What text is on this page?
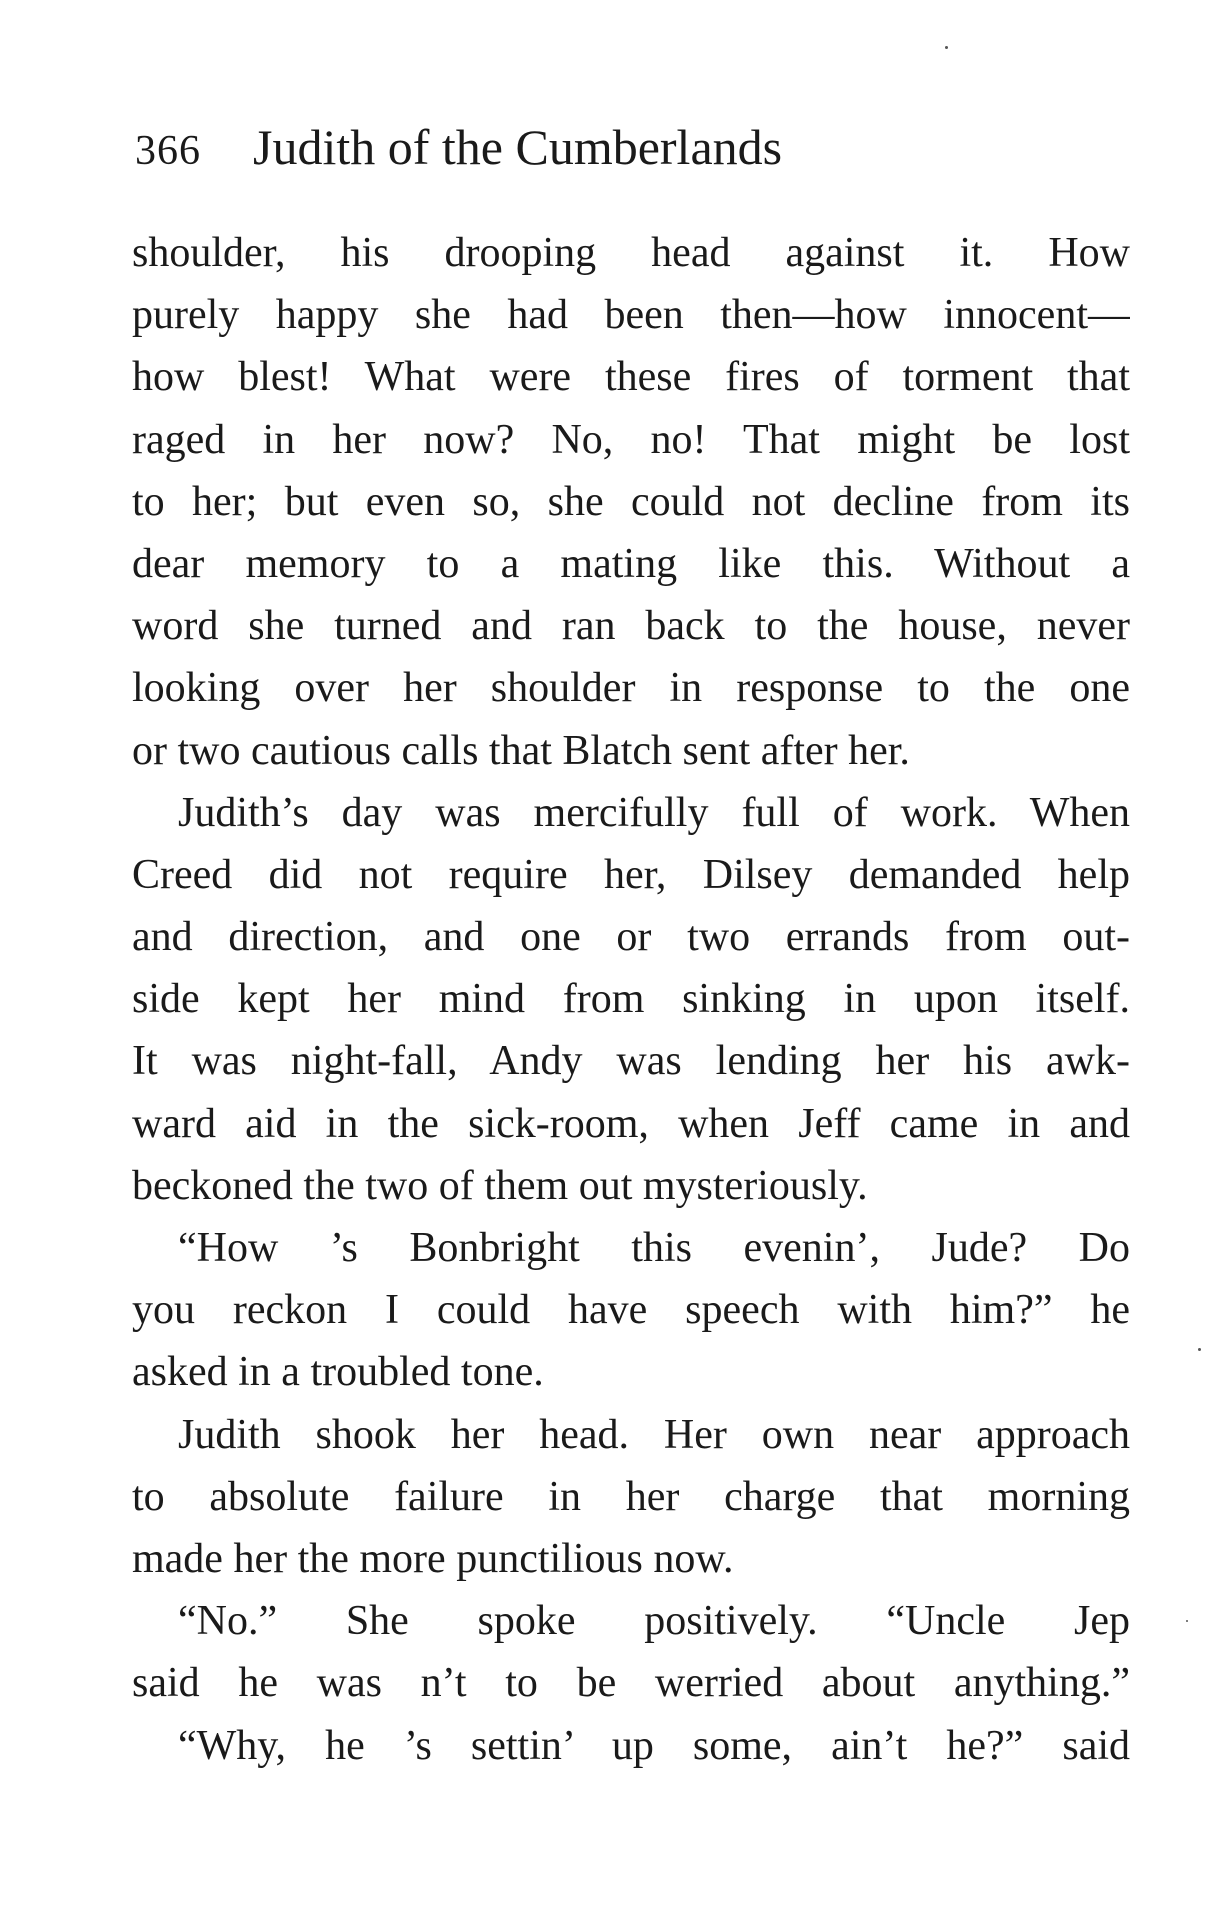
366 Judith of the Cumberlands
shoulder, his drooping head against it. How
purely happy she had been then—how innocent—
how blest! What were these fires of torment that
raged in her now? No, no! That might be lost
to her; but even so, she could not decline from its
dear memory to a mating like this. Without a
word she turned and ran back to the house, never
looking over her shoulder in response to the one
or two cautious calls that Blatch sent after her.
Judith’s day was mercifully full of work. When
Creed did not require her, Dilsey demanded help
and direction, and one or two errands from out-
side kept her mind from sinking in upon itself.
It was night-fall, Andy was lending her his awk-
ward aid in the sick-room, when Jeff came in and
beckoned the two of them out mysteriously.
“How ’s Bonbright this evenin’, Jude? Do
you reckon I could have speech with him?” he
asked in a troubled tone.
Judith shook her head. Her own near approach
to absolute failure in her charge that morning
made her the more punctilious now.
“No.” She spoke positively. “Uncle Jep
said he was n’t to be werried about anything.”
“Why, he ’s settin’ up some, ain’t he?” said
